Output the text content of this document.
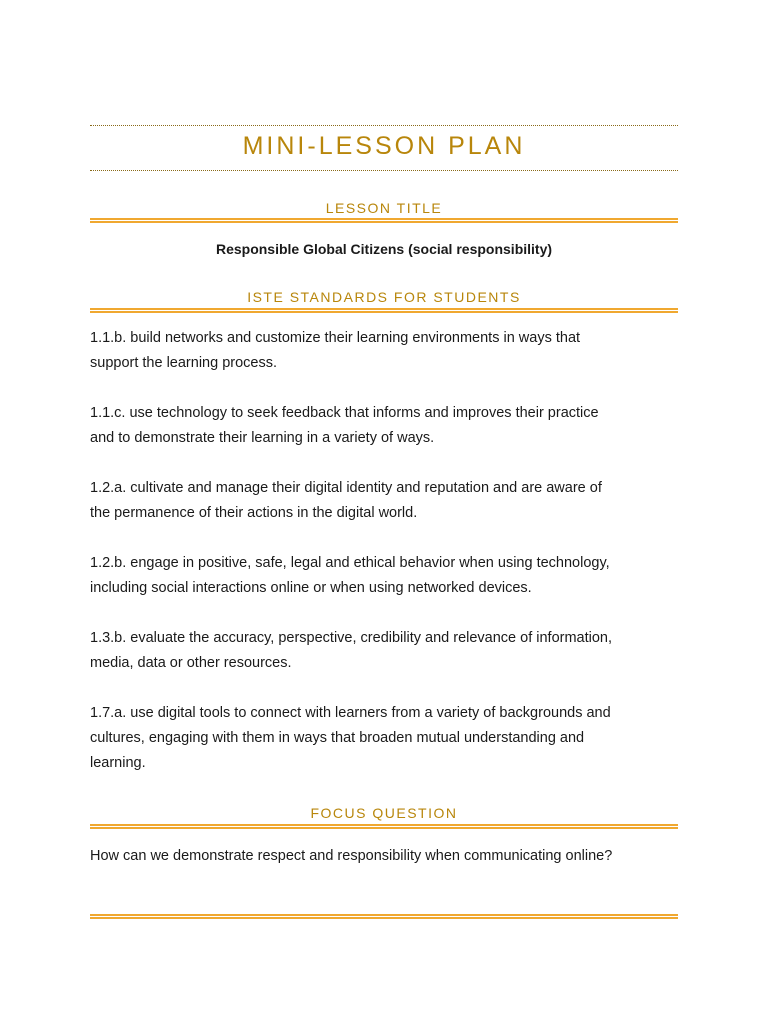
MINI-LESSON PLAN
LESSON TITLE
Responsible Global Citizens (social responsibility)
ISTE STANDARDS FOR STUDENTS

1.1.b. build networks and customize their learning environments in ways that
support the learning process.

1.1.c. use technology to seek feedback that informs and improves their practice
and to demonstrate their learning in a variety of ways.

1.2.a. cultivate and manage their digital identity and reputation and are aware of
the permanence of their actions in the digital world.

1.2.b. engage in positive, safe, legal and ethical behavior when using technology,
including social interactions online or when using networked devices.

1.3.b. evaluate the accuracy, perspective, credibility and relevance of information,
media, data or other resources.

1.7.a. use digital tools to connect with learners from a variety of backgrounds and
cultures, engaging with them in ways that broaden mutual understanding and
learning.

FOCUS QUESTION
How can we demonstrate respect and responsibility when communicating online?
